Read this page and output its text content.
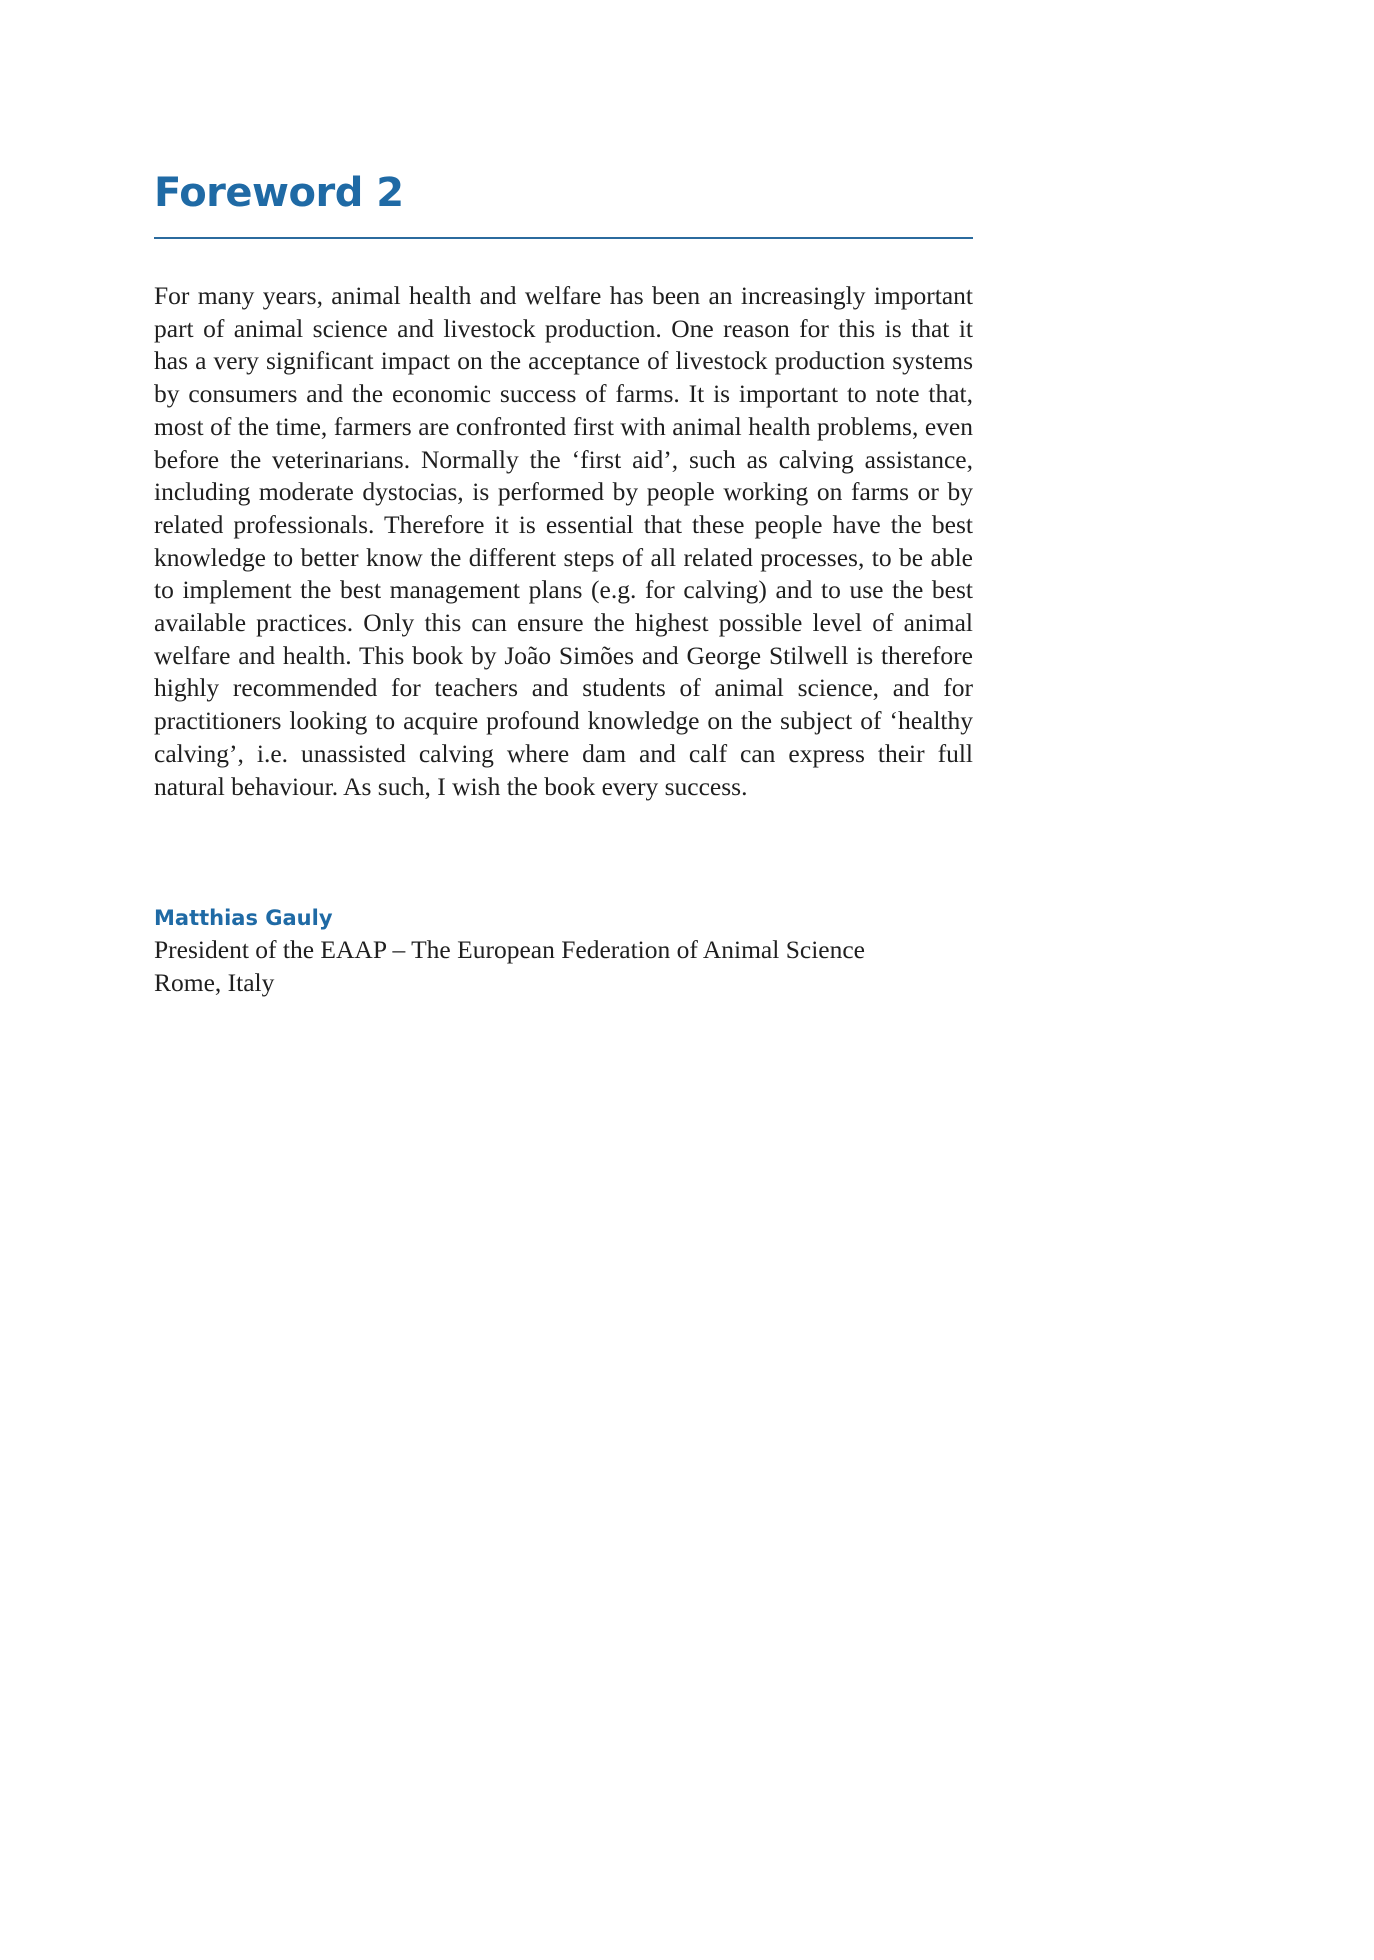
Foreword 2

For many years, animal health and welfare has been an increasingly important part of animal science and livestock production. One reason for this is that it has a very significant impact on the acceptance of livestock production systems by consumers and the economic success of farms. It is important to note that, most of the time, farmers are confronted first with animal health problems, even before the veterinarians. Normally the ‘first aid’, such as calving assistance, including moderate dystocias, is performed by people working on farms or by related professionals. Therefore it is essential that these people have the best knowledge to better know the different steps of all related processes, to be able to implement the best management plans (e.g. for calving) and to use the best available practices. Only this can ensure the highest possible level of animal welfare and health. This book by João Simões and George Stilwell is therefore highly recommended for teachers and students of animal science, and for practitioners looking to acquire profound knowledge on the subject of ‘healthy calving’, i.e. unassisted calving where dam and calf can express their full natural behaviour. As such, I wish the book every success.

Matthias Gauly

President of the EAAP – The European Federation of Animal Science

Rome, Italy
